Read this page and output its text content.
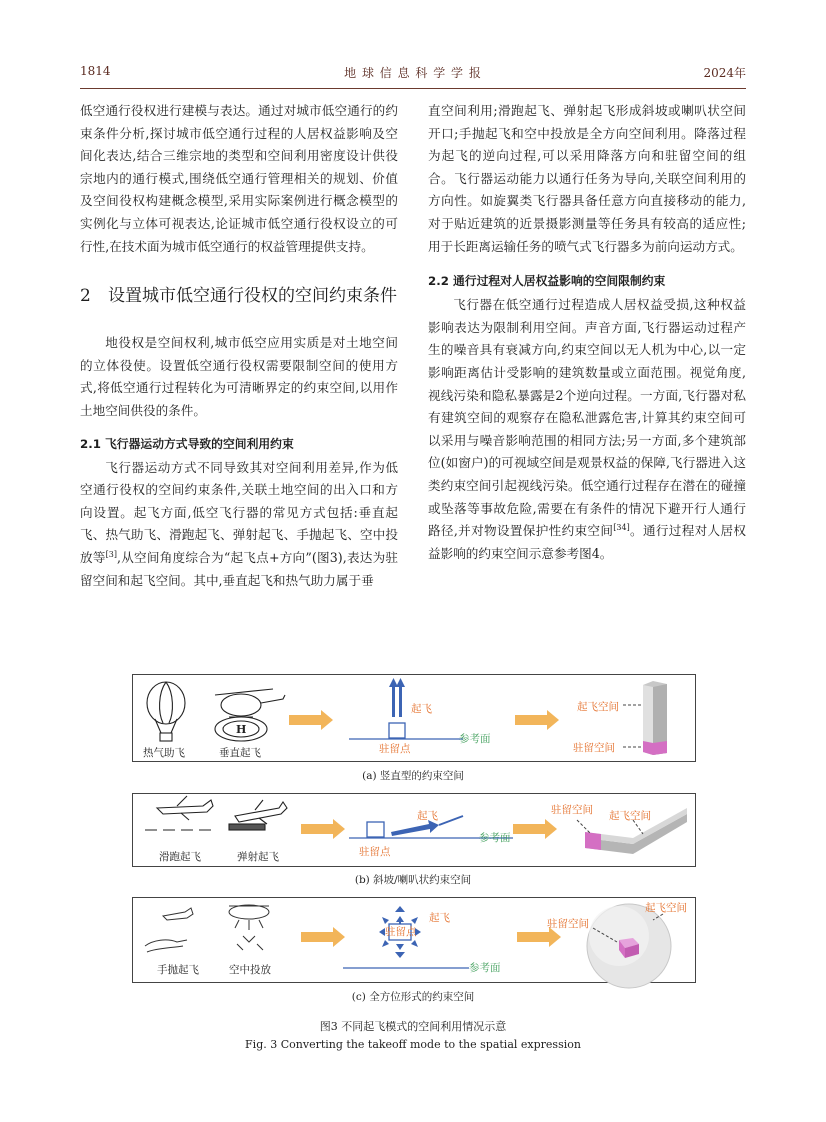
1814	地 球 信 息 科 学 学 报	2024年

低空通行役权进行建模与表达。通过对城市低空通行的约束条件分析,探讨城市低空通行过程的人居权益影响及空间化表达,结合三维宗地的类型和空间利用密度设计供役宗地内的通行模式,围绕低空通行管理相关的规划、价值及空间役权构建概念模型,采用实际案例进行概念模型的实例化与立体可视表达,论证城市低空通行役权设立的可行性,在技术面为城市低空通行的权益管理提供支持。

2	设置城市低空通行役权的空间约束条件

地役权是空间权利,城市低空应用实质是对土地空间的立体役使。设置低空通行役权需要限制空间的使用方式,将低空通行过程转化为可清晰界定的约束空间,以用作土地空间供役的条件。

2.1 飞行器运动方式导致的空间利用约束

飞行器运动方式不同导致其对空间利用差异,作为低空通行役权的空间约束条件,关联土地空间的出入口和方向设置。起飞方面,低空飞行器的常见方式包括:垂直起飞、热气助飞、滑跑起飞、弹射起飞、手抛起飞、空中投放等[3],从空间角度综合为“起飞点+方向”(图3),表达为驻留空间和起飞空间。其中,垂直起飞和热气助力属于垂

直空间利用;滑跑起飞、弹射起飞形成斜坡或喇叭状空间开口;手抛起飞和空中投放是全方向空间利用。降落过程为起飞的逆向过程,可以采用降落方向和驻留空间的组合。飞行器运动能力以通行任务为导向,关联空间利用的方向性。如旋翼类飞行器具备任意方向直接移动的能力,对于贴近建筑的近景摄影测量等任务具有较高的适应性;用于长距离运输任务的喷气式飞行器多为前向运动方式。

2.2 通行过程对人居权益影响的空间限制约束

飞行器在低空通行过程造成人居权益受损,这种权益影响表达为限制利用空间。声音方面,飞行器运动过程产生的噪音具有衰减方向,约束空间以无人机为中心,以一定影响距离估计受影响的建筑数量或立面范围。视觉角度,视线污染和隐私暴露是2个逆向过程。一方面,飞行器对私有建筑空间的观察存在隐私泄露危害,计算其约束空间可以采用与噪音影响范围的相同方法;另一方面,多个建筑部位(如窗户)的可视域空间是观景权益的保障,飞行器进入这类约束空间引起视线污染。低空通行过程存在潜在的碰撞或坠落等事故危险,需要在有条件的情况下避开行人通行路径,并对物设置保护性约束空间[34]。通行过程对人居权益影响的约束空间示意参考图4。

H
热气助飞	垂直起飞
起飞
驻留点
参考面
起飞空间
驻留空间
(a) 竖直型的约束空间
滑跑起飞	弹射起飞
起飞
驻留点
参考面
驻留空间 起飞空间
(b) 斜坡/喇叭状约束空间
手抛起飞	空中投放
起飞
驻留点
参考面
起飞空间
驻留空间
(c) 全方位形式的约束空间
图3 不同起飞模式的空间利用情况示意
Fig. 3 Converting the takeoff mode to the spatial expression
